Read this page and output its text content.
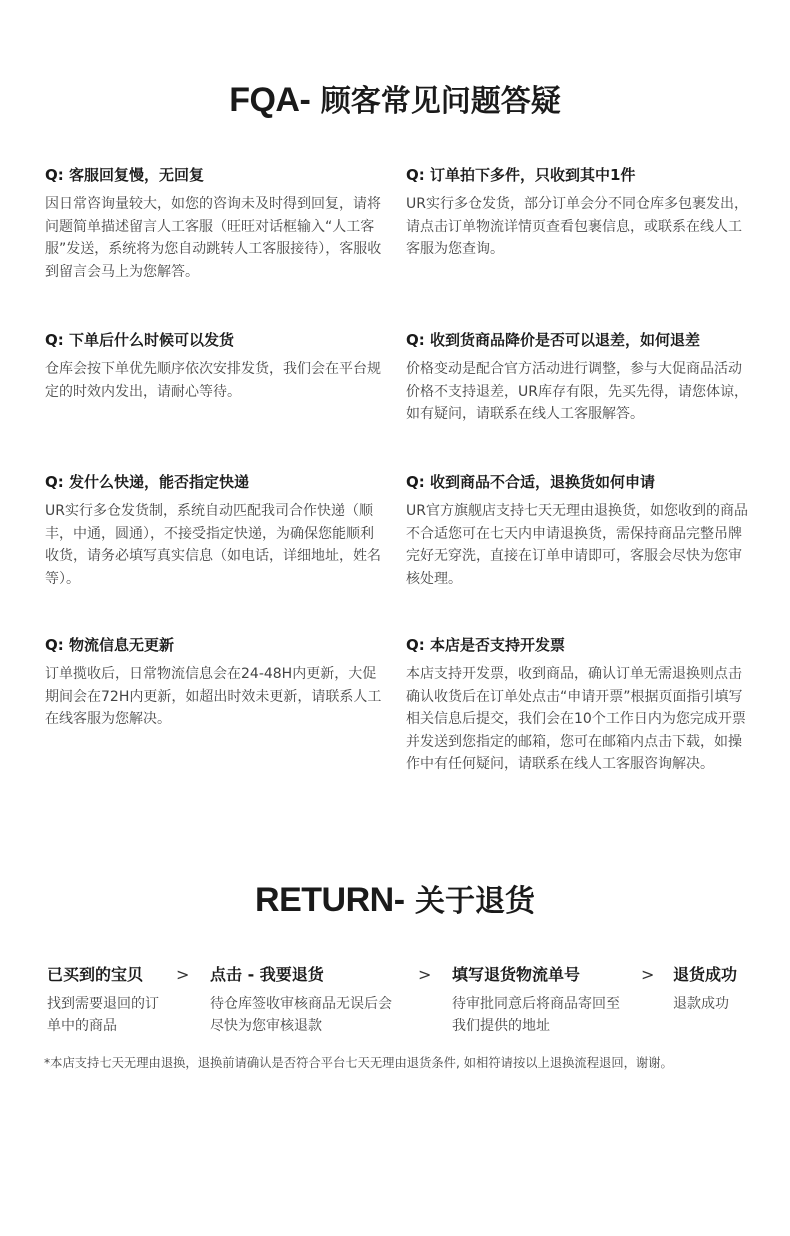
FQA- 顾客常见问题答疑

Q: 客服回复慢，无回复

因日常咨询量较大，如您的咨询未及时得到回复，请将问题简单描述留言人工客服（旺旺对话框输入“人工客服”发送，系统将为您自动跳转人工客服接待），客服收到留言会马上为您解答。

Q: 订单拍下多件，只收到其中1件

UR实行多仓发货，部分订单会分不同仓库多包裹发出，请点击订单物流详情页查看包裹信息，或联系在线人工客服为您查询。

Q: 下单后什么时候可以发货

仓库会按下单优先顺序依次安排发货，我们会在平台规定的时效内发出，请耐心等待。

Q: 收到货商品降价是否可以退差，如何退差

价格变动是配合官方活动进行调整，参与大促商品活动价格不支持退差，UR库存有限，先买先得，请您体谅，如有疑问，请联系在线人工客服解答。

Q: 发什么快递，能否指定快递

UR实行多仓发货制，系统自动匹配我司合作快递（顺丰，中通，圆通），不接受指定快递，为确保您能顺利收货，请务必填写真实信息（如电话，详细地址，姓名等）。

Q: 收到商品不合适，退换货如何申请

UR官方旗舰店支持七天无理由退换货，如您收到的商品不合适您可在七天内申请退换货，需保持商品完整吊牌完好无穿洗，直接在订单申请即可，客服会尽快为您审核处理。

Q: 物流信息无更新

订单揽收后，日常物流信息会在24-48H内更新，大促期间会在72H内更新，如超出时效未更新，请联系人工在线客服为您解决。

Q: 本店是否支持开发票

本店支持开发票，收到商品，确认订单无需退换则点击确认收货后在订单处点击“申请开票”根据页面指引填写相关信息后提交，我们会在10个工作日内为您完成开票并发送到您指定的邮箱，您可在邮箱内点击下载，如操作中有任何疑问，请联系在线人工客服咨询解决。

RETURN- 关于退货
已买到的宝贝
找到需要退回的订单中的商品
> 点击 - 我要退货
待仓库签收审核商品无误后会尽快为您审核退款
> 填写退货物流单号
待审批同意后将商品寄回至我们提供的地址
> 退货成功
退款成功
*本店支持七天无理由退换，退换前请确认是否符合平台七天无理由退货条件, 如相符请按以上退换流程退回，谢谢。
